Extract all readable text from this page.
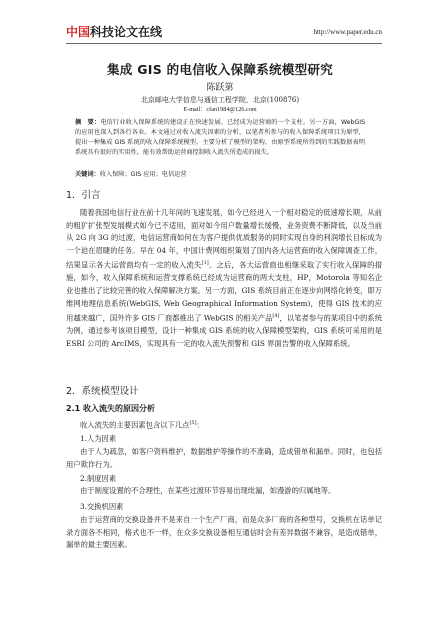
中国科技论文在线	http://www.paper.edu.cn
集成 GIS 的电信收入保障系统模型研究
陈跃第
北京邮电大学信息与通信工程学院，北京(100876)
E-mail：cfan1984@126.com
摘　要：电信行业收入保障系统的建设正在快速发展、已经成为运营商的一个支柱。另一方面，WebGIS 的应用也深入到各行各业。本文通过对收入流失因素的分析，以笔者所参与的收入保障系统项目为原型，提出一种集成 GIS 系统的收入保障系统模型。主要分析了模型的架构，由原型系统所得到的实践数据表明系统具有很好的实用性，能有效帮助运营商控制收入流失所造成的损失。
关键词：收入保障；GIS 应用；电信运营
1．引言
随着我国电信行业在前十几年间的飞速发展，如今已经进入一个相对稳定的低速增长期，从前的粗犷扩张型发展模式如今已不适用，面对如今用户数量增长缓慢，业务资费不断降低，以及当前从 2G 向 3G 的过渡，电信运营商如何在为客户提供优质服务的同时实现自身的利润增长目标成为一个迫在眉睫的任务。早在 04 年，中国计费网组织策划了国内各大运营商的收入保障调查工作，结果显示各大运营商均有一定的收入流失[1]。之后，各大运营商也相继采取了实行收入保障的措施，如今，收入保障系统和运营支撑系统已经成为运营商的两大支柱，HP，Motorola 等知名企业也推出了比较完善的收入保障解决方案。另一方面，GIS 系统目前正在逐步向网络化转变，即万维网地理信息系统(WebGIS, Web Geographical Information System)，使得 GIS 技术的应用越来越广，国外许多 GIS 厂商都推出了 WebGIS 的相关产品[4]，以笔者参与的某项目中的系统为例，通过参考该项目模型，设计一种集成 GIS 系统的收入保障模型架构，GIS 系统可采用的是 ESRI 公司的 ArcIMS，实现具有一定的收入流失预警和 GIS 界面告警的收入保障系统。
2．系统模型设计
2.1 收入流失的原因分析
收入流失的主要因素包含以下几点[5]：
1.人为因素
由于人为疏忽，如客户资料维护，数据维护等操作的不准确，造成错单和漏单。同时，也包括用户欺诈行为。
2.制度因素
由于制度设置的不合理性，在某些过渡环节容易出现纰漏，如漫游的归属地等。
3.交换机因素
由于运营商的交换设备并不是来自一个生产厂商，而是众多厂商的各种型号，交换机在话单记录方面各不相同，格式也不一样，在众多交换设备相互通信时会有差异数据不兼容，是造成错单，漏单的最主要因素。
